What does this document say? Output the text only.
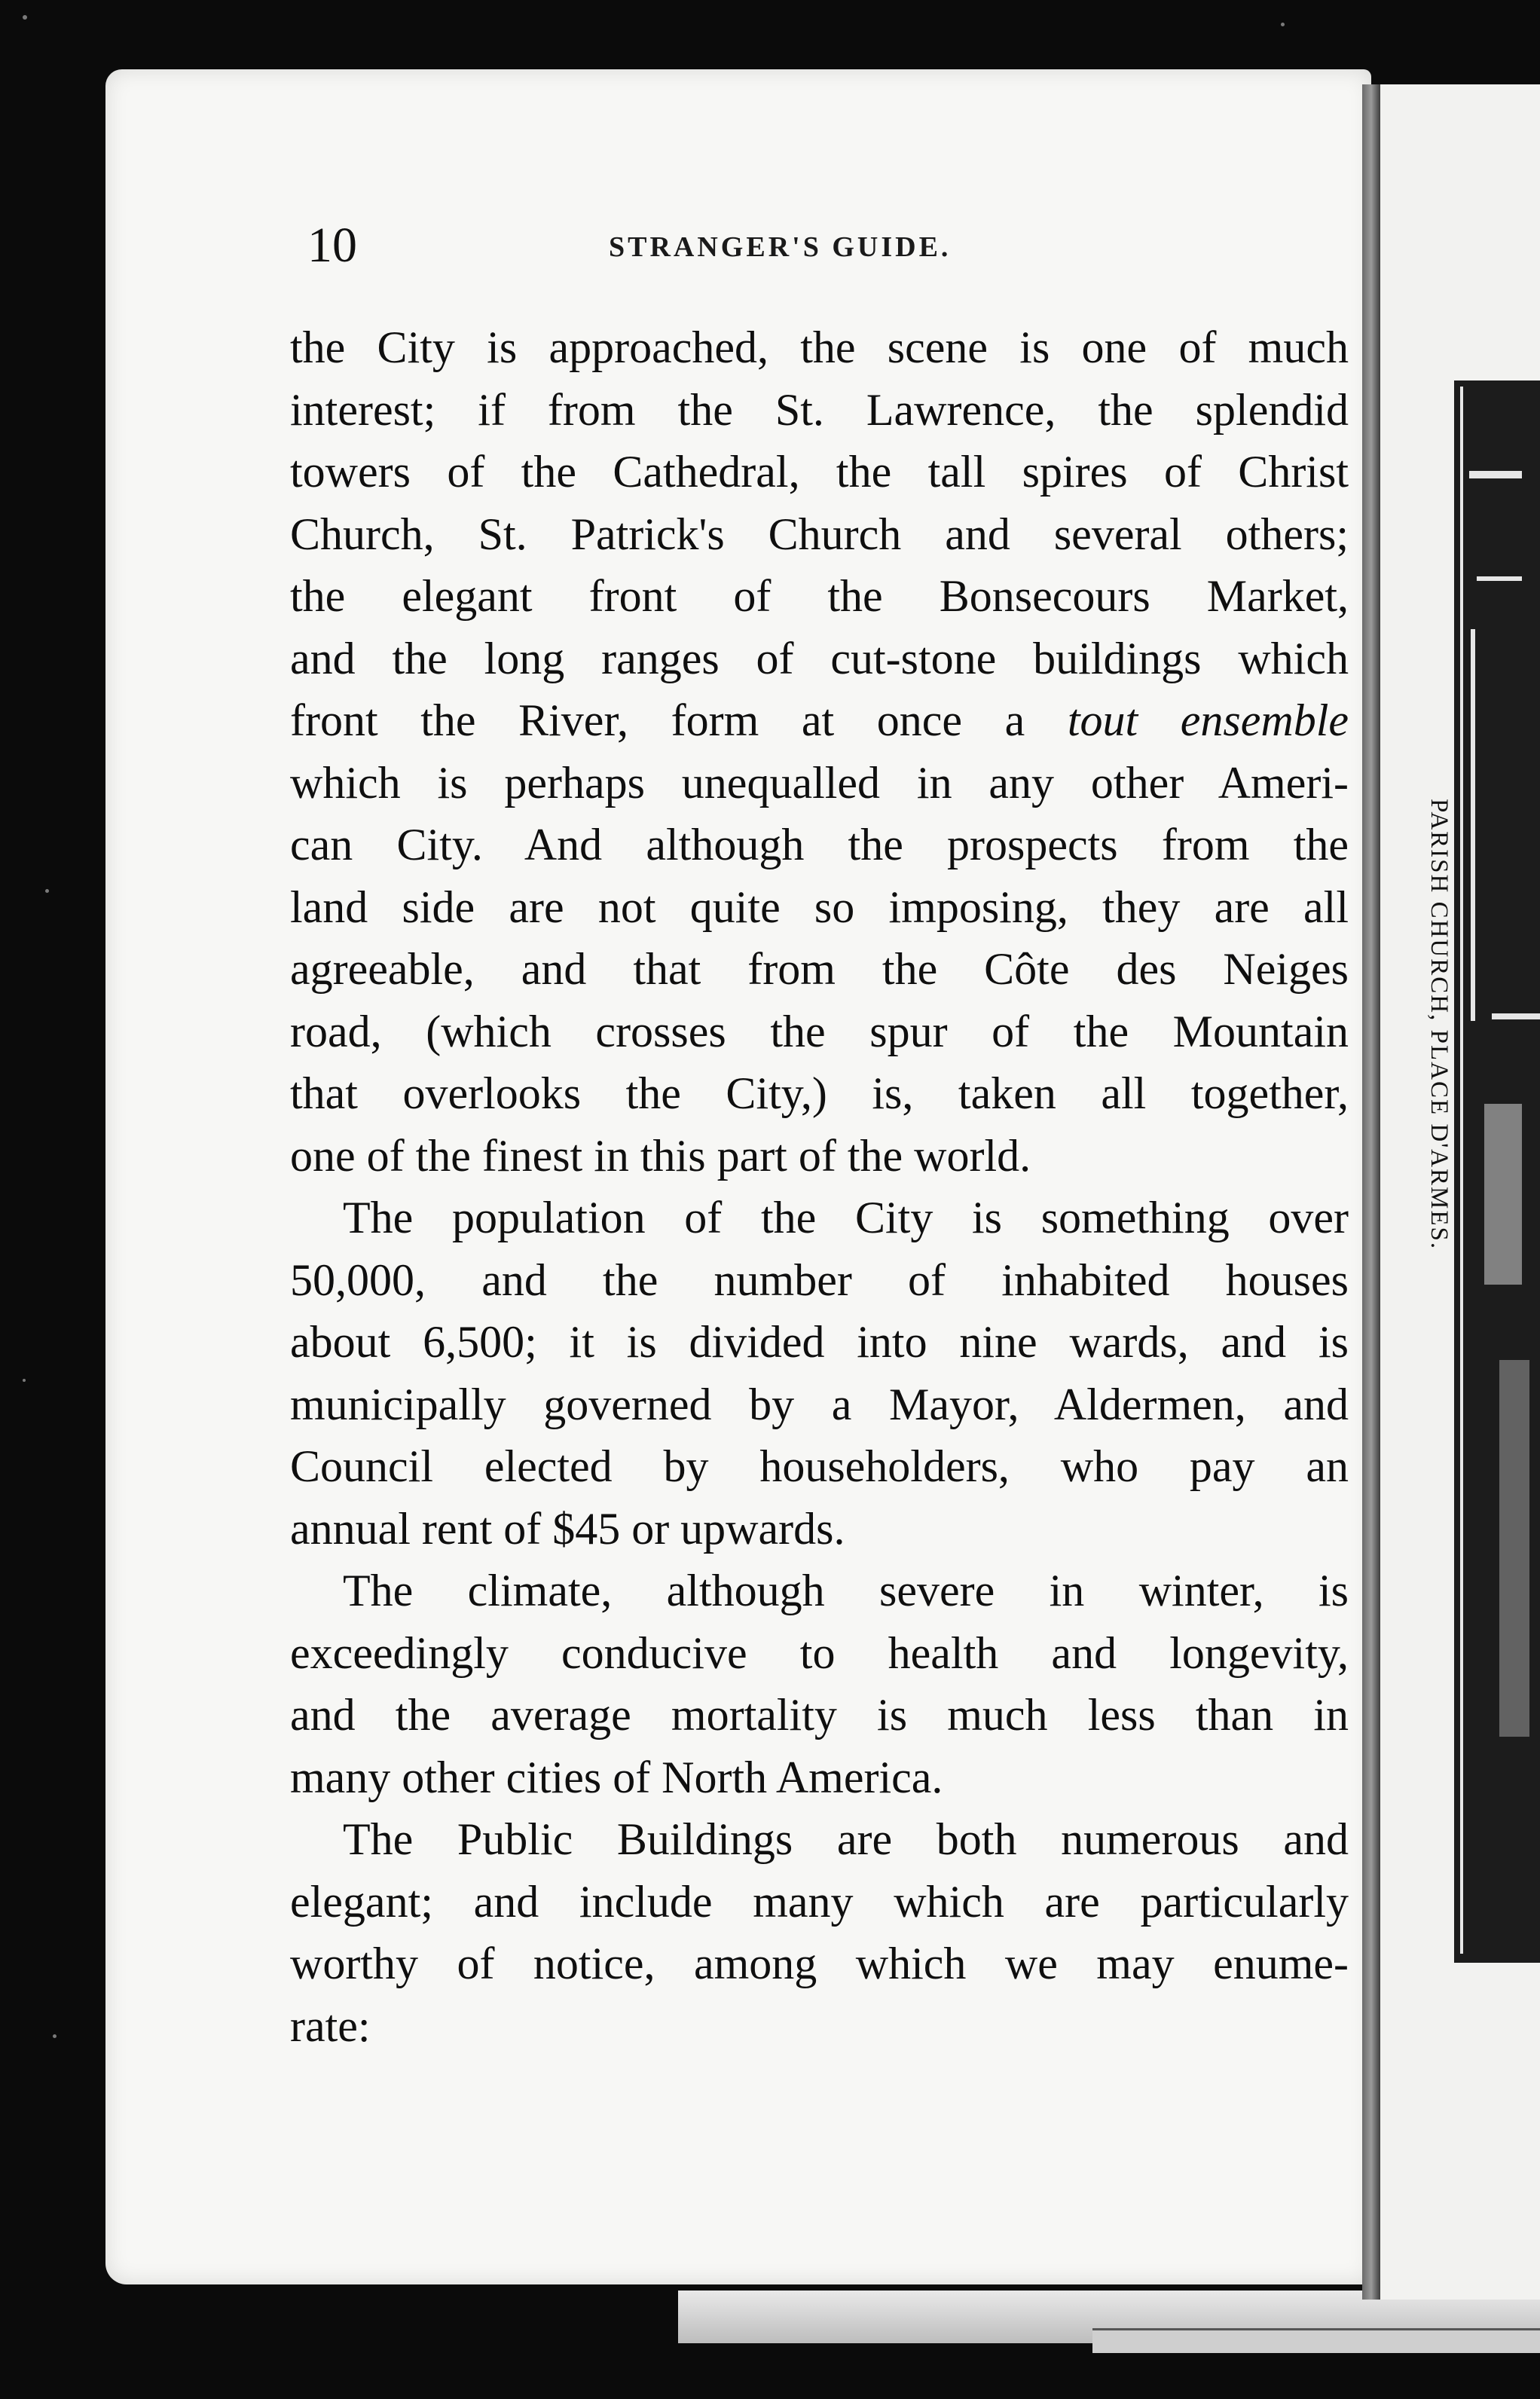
PARISH CHURCH, PLACE D'ARMES.
10	STRANGER'S GUIDE.
the City is approached, the scene is one of much
interest; if from the St. Lawrence, the splendid
towers of the Cathedral, the tall spires of Christ
Church, St. Patrick's Church and several others;
the elegant front of the Bonsecours Market,
and the long ranges of cut-stone buildings which
front the River, form at once a tout ensemble
which is perhaps unequalled in any other Ameri-
can City. And although the prospects from the
land side are not quite so imposing, they are all
agreeable, and that from the Côte des Neiges
road, (which crosses the spur of the Mountain
that overlooks the City,) is, taken all together,
one of the finest in this part of the world.
The population of the City is something over
50,000, and the number of inhabited houses
about 6,500; it is divided into nine wards, and is
municipally governed by a Mayor, Aldermen, and
Council elected by householders, who pay an
annual rent of $45 or upwards.
The climate, although severe in winter, is
exceedingly conducive to health and longevity,
and the average mortality is much less than in
many other cities of North America.
The Public Buildings are both numerous and
elegant; and include many which are particularly
worthy of notice, among which we may enume-
rate:
